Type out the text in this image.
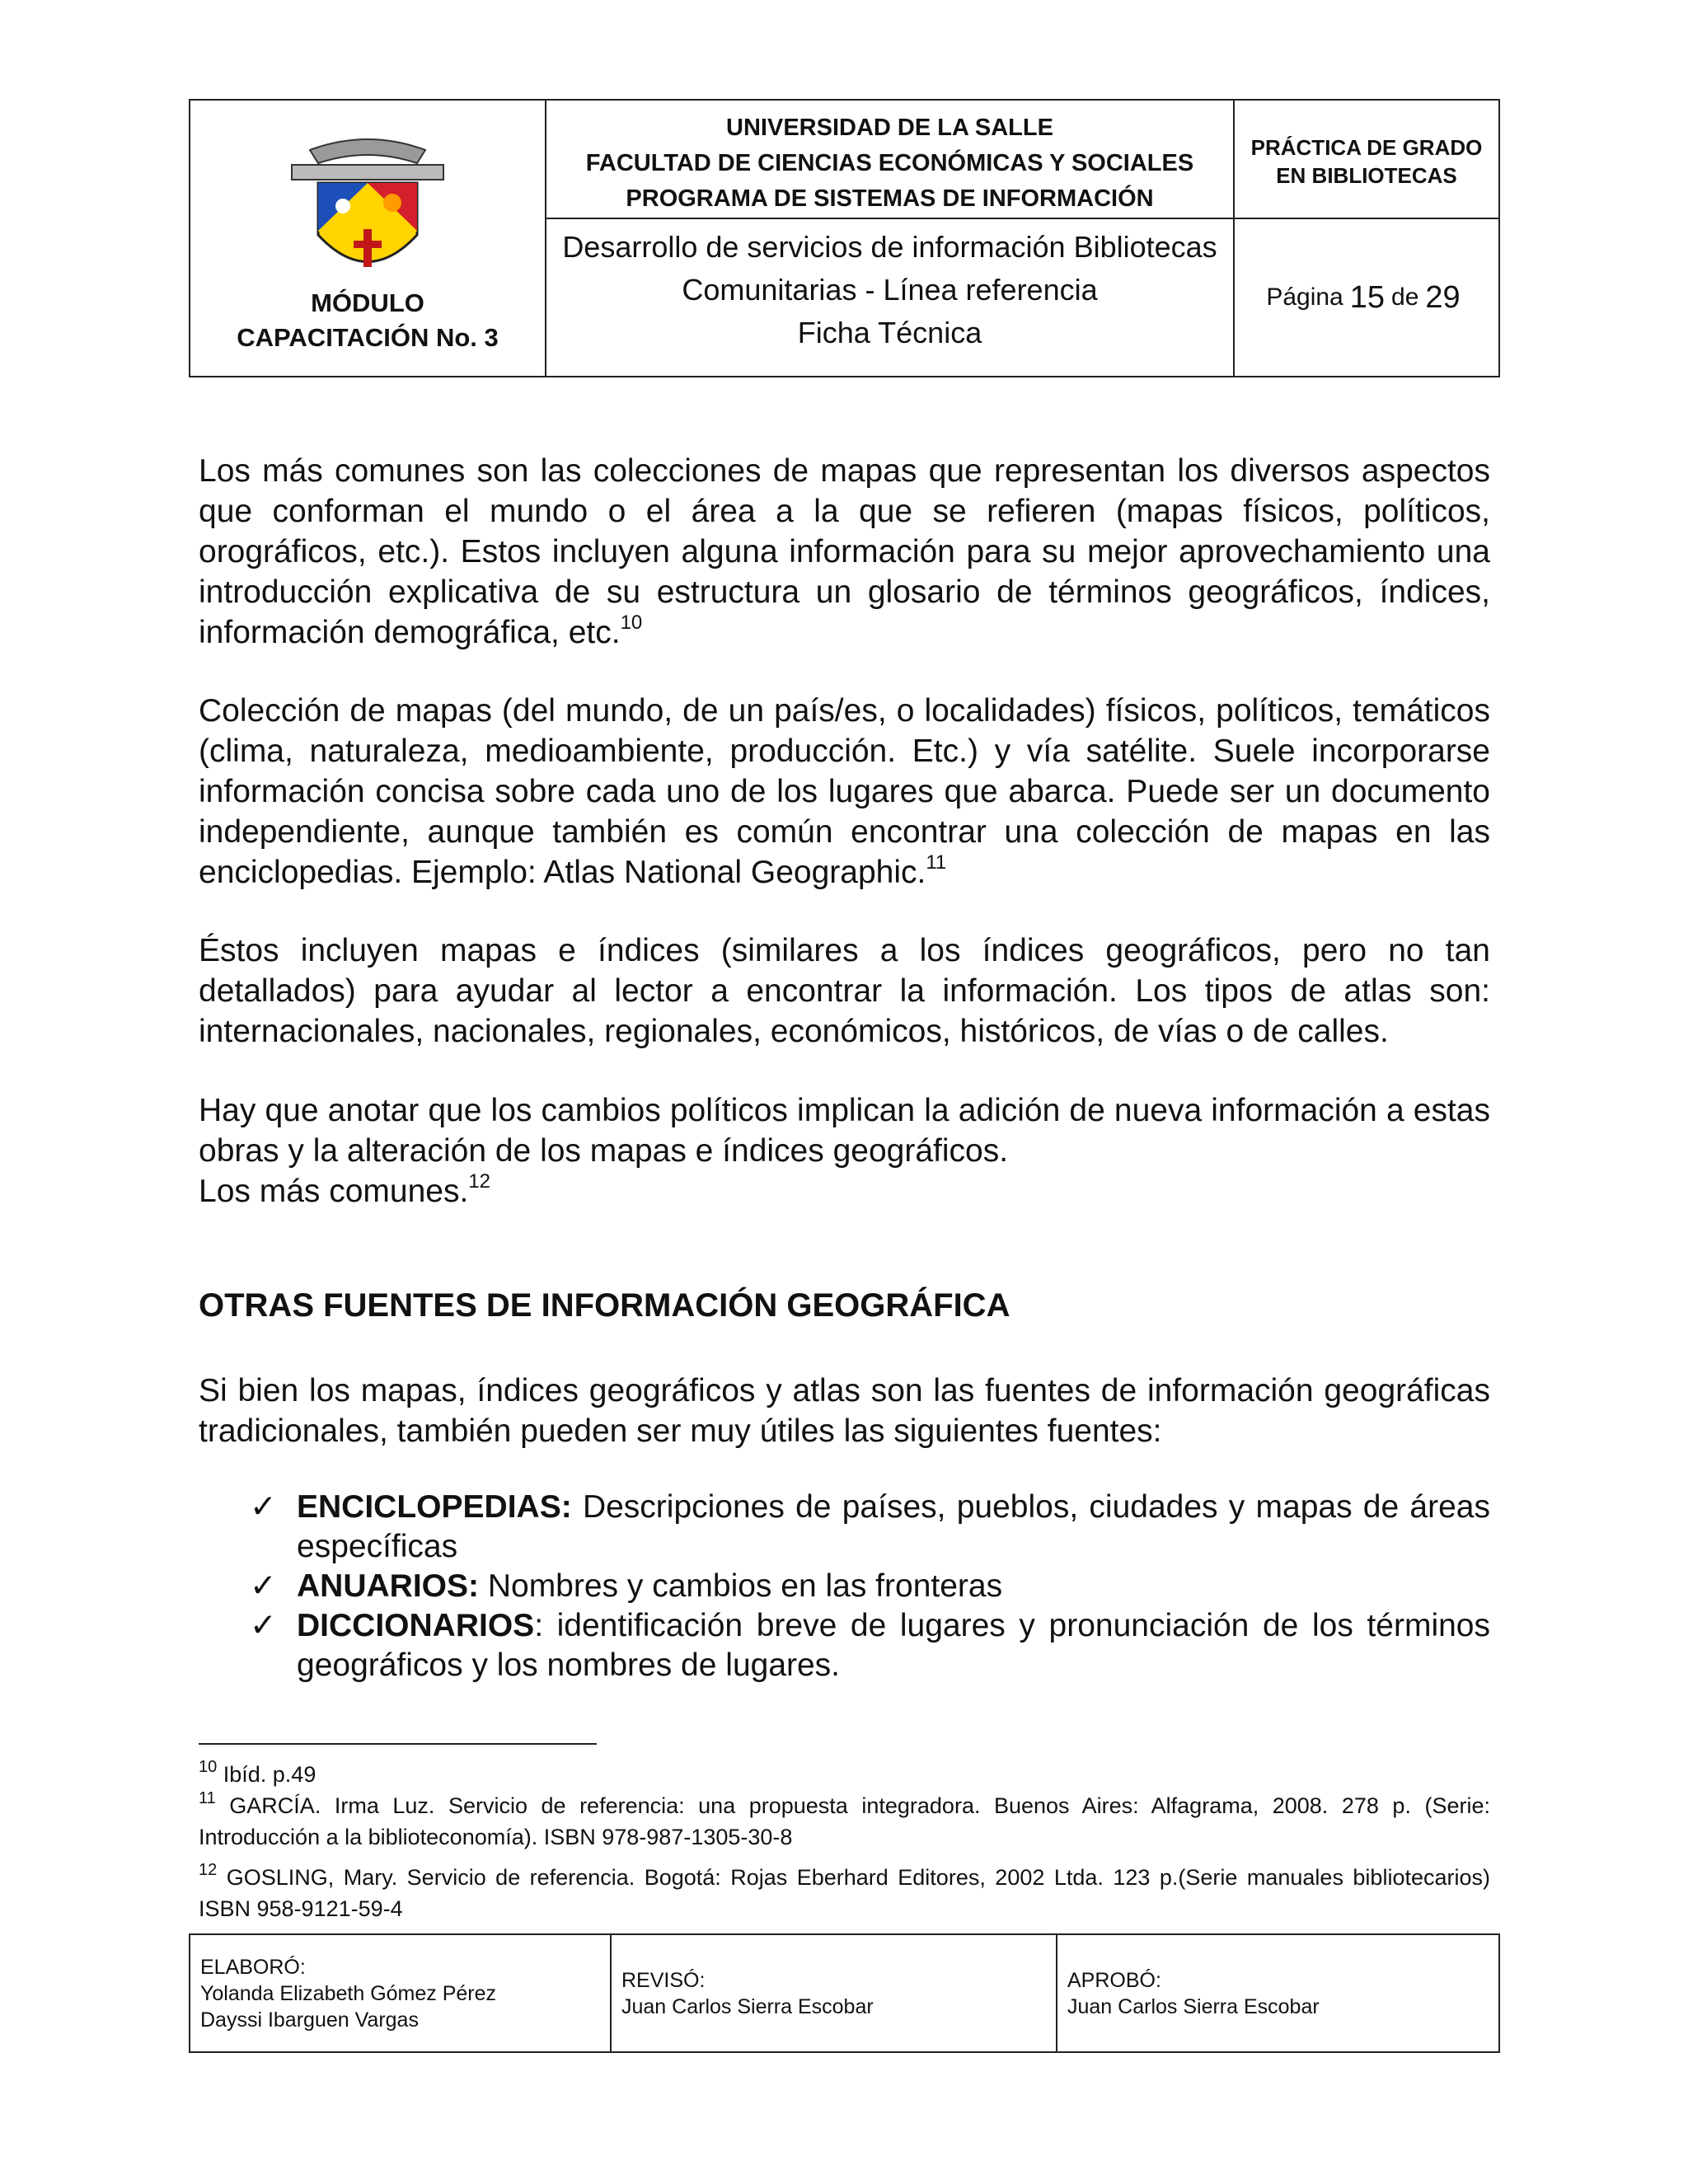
MÓDULO
CAPACITACIÓN No. 3
UNIVERSIDAD DE LA SALLE
FACULTAD DE CIENCIAS ECONÓMICAS Y SOCIALES
PROGRAMA DE SISTEMAS DE INFORMACIÓN
PRÁCTICA DE GRADO
EN BIBLIOTECAS
Desarrollo de servicios de información Bibliotecas
Comunitarias - Línea referencia
Ficha Técnica
Página 15 de 29

Los más comunes son las colecciones de mapas que representan los diversos aspectos que conforman el mundo o el área a la que se refieren (mapas físicos, políticos, orográficos, etc.). Estos incluyen alguna información para su mejor aprovechamiento una introducción explicativa de su estructura un glosario de términos geográficos, índices, información demográfica, etc.$^{10}$

Colección de mapas (del mundo, de un país/es, o localidades) físicos, políticos, temáticos (clima, naturaleza, medioambiente, producción. Etc.) y vía satélite. Suele incorporarse información concisa sobre cada uno de los lugares que abarca. Puede ser un documento independiente, aunque también es común encontrar una colección de mapas en las enciclopedias. Ejemplo: Atlas National Geographic.$^{11}$

Éstos incluyen mapas e índices (similares a los índices geográficos, pero no tan detallados) para ayudar al lector a encontrar la información. Los tipos de atlas son: internacionales, nacionales, regionales, económicos, históricos, de vías o de calles.

Hay que anotar que los cambios políticos implican la adición de nueva información a estas obras y la alteración de los mapas e índices geográficos.

Los más comunes.$^{12}$

OTRAS FUENTES DE INFORMACIÓN GEOGRÁFICA

Si bien los mapas, índices geográficos y atlas son las fuentes de información geográficas tradicionales, también pueden ser muy útiles las siguientes fuentes:

✓ ENCICLOPEDIAS: Descripciones de países, pueblos, ciudades y mapas de áreas específicas
✓ ANUARIOS: Nombres y cambios en las fronteras
✓ DICCIONARIOS: identificación breve de lugares y pronunciación de los términos geográficos y los nombres de lugares.
$^{10}$ Ibíd. p.49
$^{11}$ GARCÍA. Irma Luz. Servicio de referencia: una propuesta integradora. Buenos Aires: Alfagrama, 2008. 278 p. (Serie: Introducción a la biblioteconomía). ISBN 978-987-1305-30-8
$^{12}$ GOSLING, Mary. Servicio de referencia. Bogotá: Rojas Eberhard Editores, 2002 Ltda. 123 p.(Serie manuales bibliotecarios) ISBN 958-9121-59-4
ELABORÓ:
Yolanda Elizabeth Gómez Pérez
Dayssi Ibarguen Vargas
REVISÓ:
Juan Carlos Sierra Escobar
APROBÓ:
Juan Carlos Sierra Escobar
